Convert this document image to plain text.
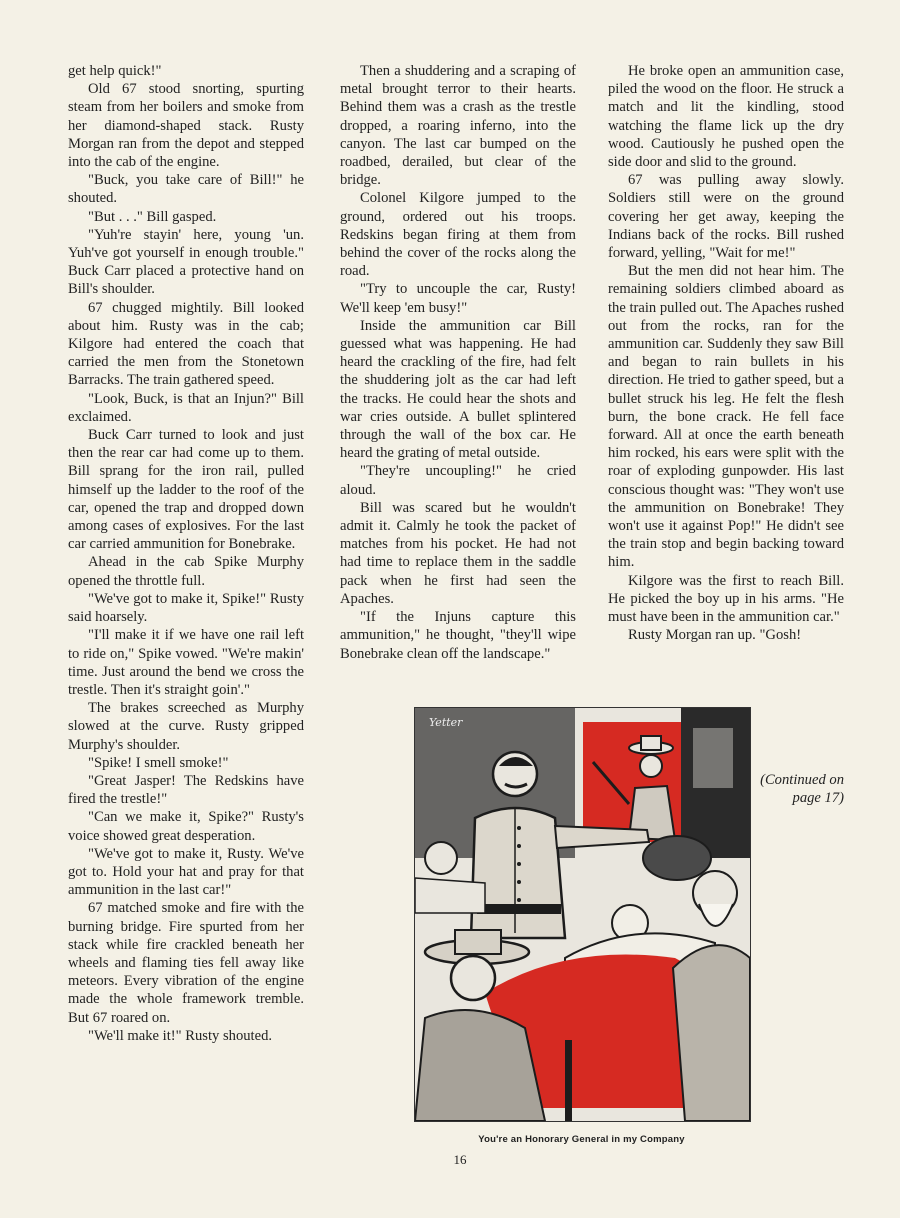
get help quick!"

Old 67 stood snorting, spurting steam from her boilers and smoke from her diamond-shaped stack. Rusty Morgan ran from the depot and stepped into the cab of the engine.

"Buck, you take care of Bill!" he shouted.

"But . . ." Bill gasped.

"Yuh're stayin' here, young 'un. Yuh've got yourself in enough trouble." Buck Carr placed a protective hand on Bill's shoulder.

67 chugged mightily. Bill looked about him. Rusty was in the cab; Kilgore had entered the coach that carried the men from the Stonetown Barracks. The train gathered speed.

"Look, Buck, is that an Injun?" Bill exclaimed.

Buck Carr turned to look and just then the rear car had come up to them. Bill sprang for the iron rail, pulled himself up the ladder to the roof of the car, opened the trap and dropped down among cases of explosives. For the last car carried ammunition for Bonebrake.

Ahead in the cab Spike Murphy opened the throttle full.

"We've got to make it, Spike!" Rusty said hoarsely.

"I'll make it if we have one rail left to ride on," Spike vowed. "We're makin' time. Just around the bend we cross the trestle. Then it's straight goin'."

The brakes screeched as Murphy slowed at the curve. Rusty gripped Murphy's shoulder.

"Spike! I smell smoke!"

"Great Jasper! The Redskins have fired the trestle!"

"Can we make it, Spike?" Rusty's voice showed great desperation.

"We've got to make it, Rusty. We've got to. Hold your hat and pray for that ammunition in the last car!"

67 matched smoke and fire with the burning bridge. Fire spurted from her stack while fire crackled beneath her wheels and flaming ties fell away like meteors. Every vibration of the engine made the whole framework tremble. But 67 roared on.

"We'll make it!" Rusty shouted.

Then a shuddering and a scraping of metal brought terror to their hearts. Behind them was a crash as the trestle dropped, a roaring inferno, into the canyon. The last car bumped on the roadbed, derailed, but clear of the bridge.

Colonel Kilgore jumped to the ground, ordered out his troops. Redskins began firing at them from behind the cover of the rocks along the road.

"Try to uncouple the car, Rusty! We'll keep 'em busy!"

Inside the ammunition car Bill guessed what was happening. He had heard the crackling of the fire, had felt the shuddering jolt as the car had left the tracks. He could hear the shots and war cries outside. A bullet splintered through the wall of the box car. He heard the grating of metal outside.

"They're uncoupling!" he cried aloud.

Bill was scared but he wouldn't admit it. Calmly he took the packet of matches from his pocket. He had not had time to replace them in the saddle pack when he first had seen the Apaches.

"If the Injuns capture this ammunition," he thought, "they'll wipe Bonebrake clean off the landscape."

He broke open an ammunition case, piled the wood on the floor. He struck a match and lit the kindling, stood watching the flame lick up the dry wood. Cautiously he pushed open the side door and slid to the ground.

67 was pulling away slowly. Soldiers still were on the ground covering her get away, keeping the Indians back of the rocks. Bill rushed forward, yelling, "Wait for me!"

But the men did not hear him. The remaining soldiers climbed aboard as the train pulled out. The Apaches rushed out from the rocks, ran for the ammunition car. Suddenly they saw Bill and began to rain bullets in his direction. He tried to gather speed, but a bullet struck his leg. He felt the flesh burn, the bone crack. He fell face forward. All at once the earth beneath him rocked, his ears were split with the roar of exploding gunpowder. His last conscious thought was: "They won't use the ammunition on Bonebrake! They won't use it against Pop!" He didn't see the train stop and begin backing toward him.

Kilgore was the first to reach Bill. He picked the boy up in his arms. "He must have been in the ammunition car."

Rusty Morgan ran up. "Gosh!

Yetter
You're an Honorary General in my Company
(Continued on page 17)
16
